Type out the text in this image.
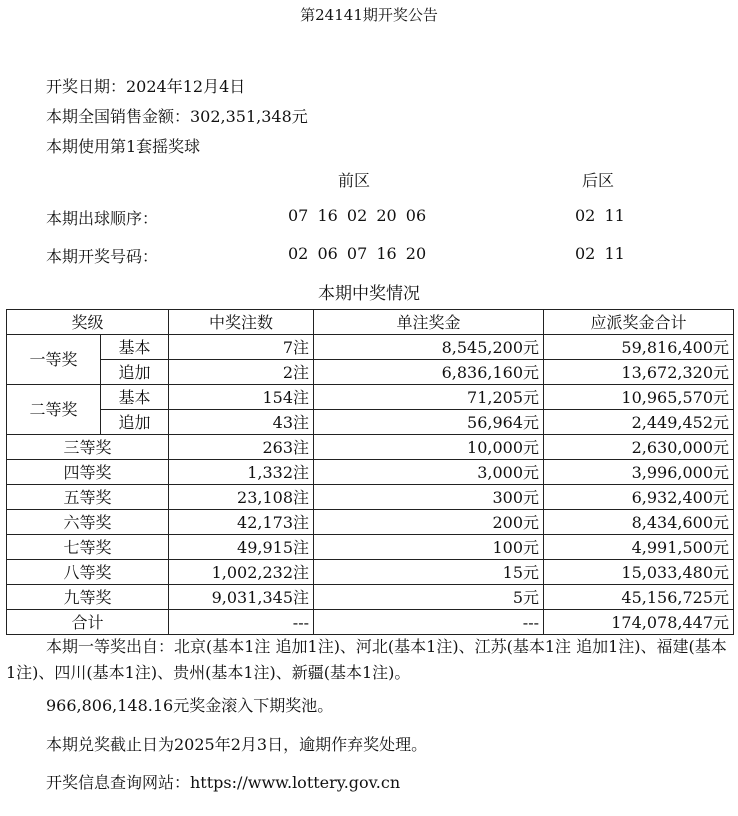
第24141期开奖公告
开奖日期：2024年12月4日
本期全国销售金额：302,351,348元
本期使用第1套摇奖球
前区	后区
本期出球顺序：	07 16 02 20 06	02 11
本期开奖号码：	02 06 07 16 20	02 11
本期中奖情况
奖级		中奖注数	单注奖金	应派奖金合计
一等奖	基本	7注	8,545,200元	59,816,400元
	追加	2注	6,836,160元	13,672,320元
二等奖	基本	154注	71,205元	10,965,570元
	追加	43注	56,964元	2,449,452元
三等奖		263注	10,000元	2,630,000元
四等奖		1,332注	3,000元	3,996,000元
五等奖		23,108注	300元	6,932,400元
六等奖		42,173注	200元	8,434,600元
七等奖		49,915注	100元	4,991,500元
八等奖		1,002,232注	15元	15,033,480元
九等奖		9,031,345注	5元	45,156,725元
合计		---	---	174,078,447元
本期一等奖出自：北京(基本1注 追加1注)、河北(基本1注)、江苏(基本1注 追加1注)、福建(基本1注)、四川(基本1注)、贵州(基本1注)、新疆(基本1注)。
966,806,148.16元奖金滚入下期奖池。
本期兑奖截止日为2025年2月3日，逾期作弃奖处理。
开奖信息查询网站：https://www.lottery.gov.cn
